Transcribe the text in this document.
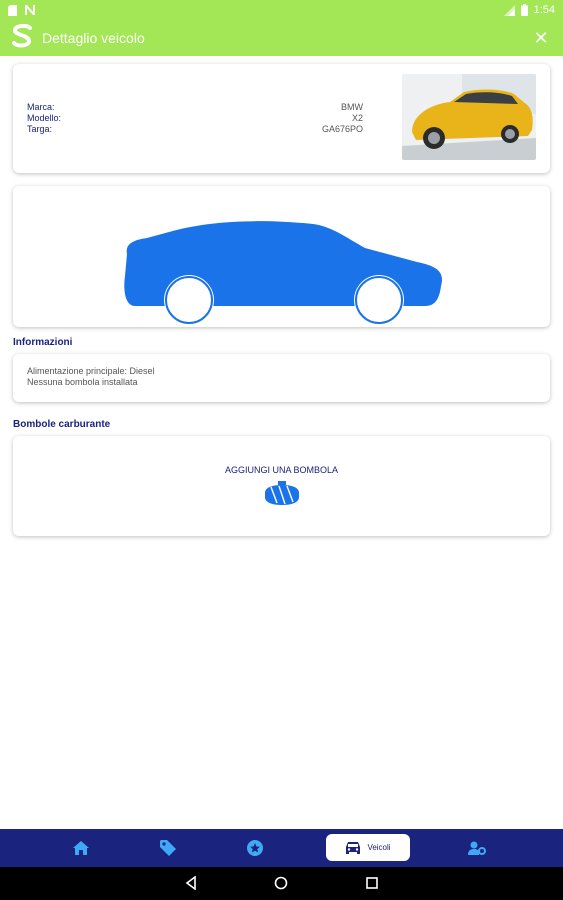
1:54
Dettaglio veicolo	✕
Marca:	BMW
Modello:	X2
Targa:	GA676PO
Informazioni
Alimentazione principale: Diesel
Nessuna bombola installata
Bombole carburante
AGGIUNGI UNA BOMBOLA
Veicoli
